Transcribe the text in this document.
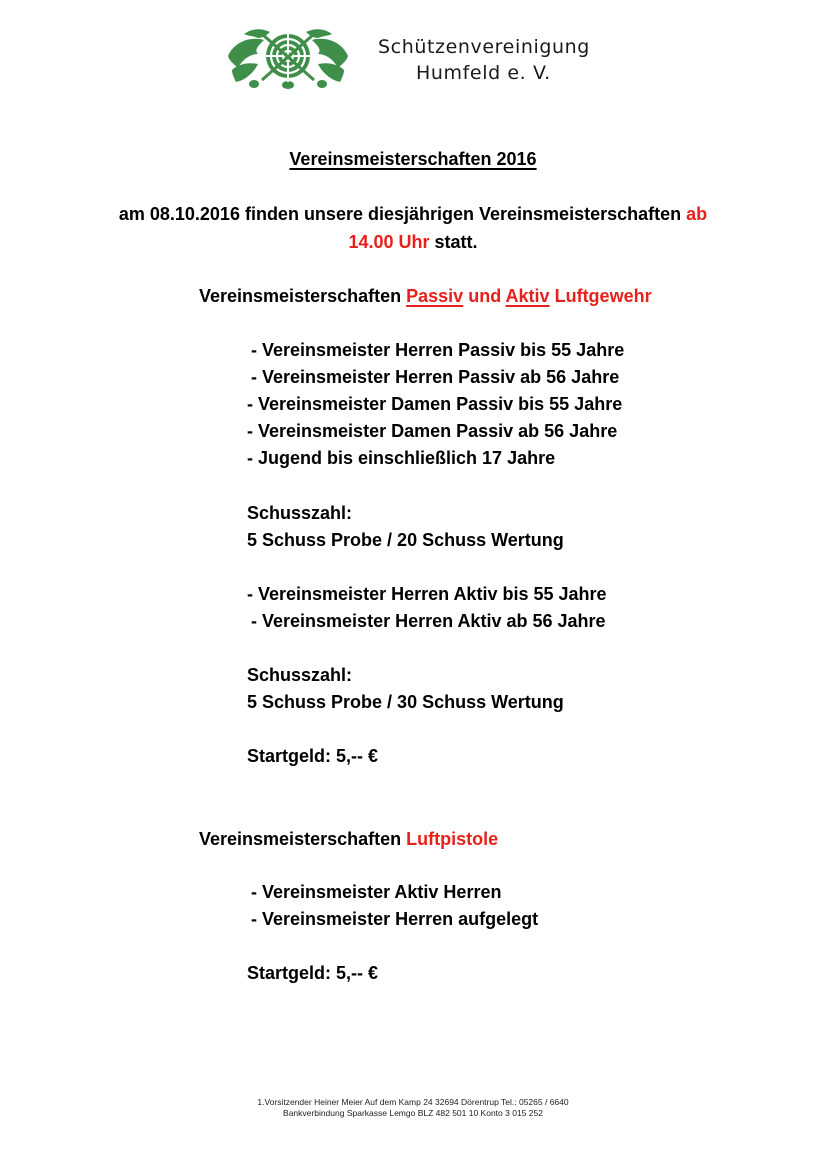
Schützenvereinigung
Humfeld e. V.
Vereinsmeisterschaften 2016
am 08.10.2016 finden unsere diesjährigen Vereinsmeisterschaften ab
14.00 Uhr statt.
Vereinsmeisterschaften Passiv und Aktiv Luftgewehr
- Vereinsmeister Herren Passiv bis 55 Jahre
- Vereinsmeister Herren Passiv ab 56 Jahre
- Vereinsmeister Damen Passiv bis 55 Jahre
- Vereinsmeister Damen Passiv ab 56 Jahre
- Jugend bis einschließlich 17 Jahre
Schusszahl:
5 Schuss Probe / 20 Schuss Wertung
- Vereinsmeister Herren Aktiv bis 55 Jahre
- Vereinsmeister Herren Aktiv ab 56 Jahre
Schusszahl:
5 Schuss Probe / 30 Schuss Wertung
Startgeld: 5,-- €
Vereinsmeisterschaften Luftpistole
- Vereinsmeister Aktiv Herren
- Vereinsmeister Herren aufgelegt
Startgeld: 5,-- €
1.Vorsitzender Heiner Meier Auf dem Kamp 24 32694 Dörentrup Tel.: 05265 / 6640
Bankverbindung Sparkasse Lemgo BLZ 482 501 10 Konto 3 015 252
